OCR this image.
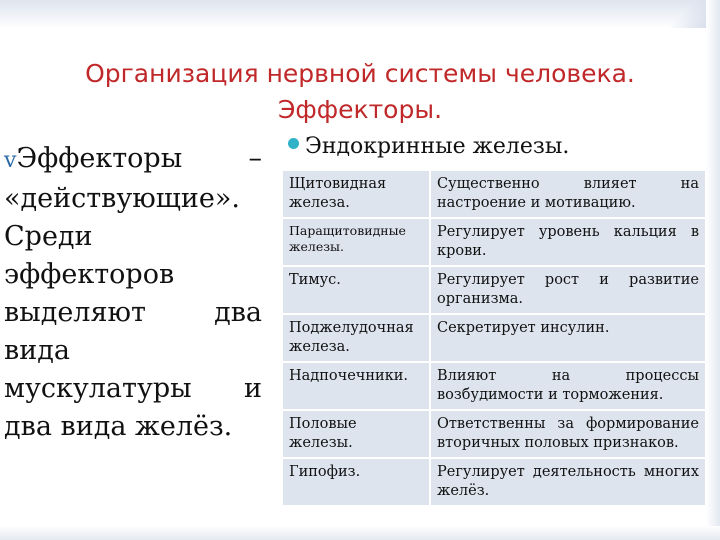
Организация нервной системы человека.
Эффекторы.
vЭффекторы – «действующие». Среди эффекторов выделяют два вида мускулатуры и два вида желёз.
Эндокринные железы.
Щитовидная железа.	Существенно влияет на настроение и мотивацию.
Паращитовидные железы.	Регулирует уровень кальция в крови.
Тимус.	Регулирует рост и развитие организма.
Поджелудочная железа.	Секретирует инсулин.
Надпочечники.	Влияют на процессы возбудимости и торможения.
Половые железы.	Ответственны за формирование вторичных половых признаков.
Гипофиз.	Регулирует деятельность многих желёз.
